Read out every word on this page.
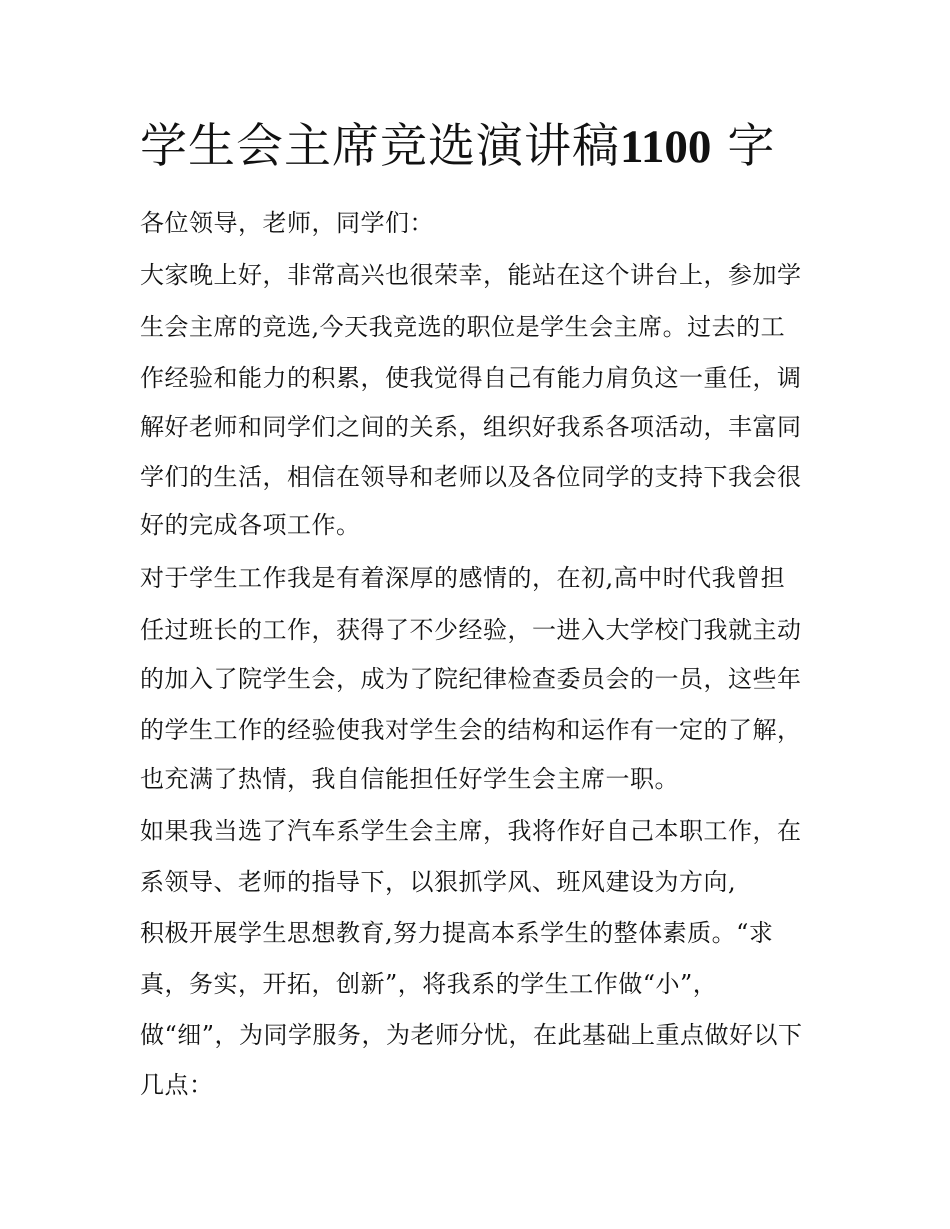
学生会主席竞选演讲稿1100 字
各位领导，老师，同学们：
大家晚上好，非常高兴也很荣幸，能站在这个讲台上，参加学
生会主席的竞选,今天我竞选的职位是学生会主席。过去的工
作经验和能力的积累，使我觉得自己有能力肩负这一重任，调
解好老师和同学们之间的关系，组织好我系各项活动，丰富同
学们的生活，相信在领导和老师以及各位同学的支持下我会很
好的完成各项工作。
对于学生工作我是有着深厚的感情的，在初,高中时代我曾担
任过班长的工作，获得了不少经验，一进入大学校门我就主动
的加入了院学生会，成为了院纪律检查委员会的一员，这些年
的学生工作的经验使我对学生会的结构和运作有一定的了解，
也充满了热情，我自信能担任好学生会主席一职。
如果我当选了汽车系学生会主席，我将作好自己本职工作，在
系领导、老师的指导下，以狠抓学风、班风建设为方向,
积极开展学生思想教育,努力提高本系学生的整体素质。“求
真，务实，开拓，创新”，将我系的学生工作做“小”，
做“细”，为同学服务，为老师分忧，在此基础上重点做好以下
几点：
